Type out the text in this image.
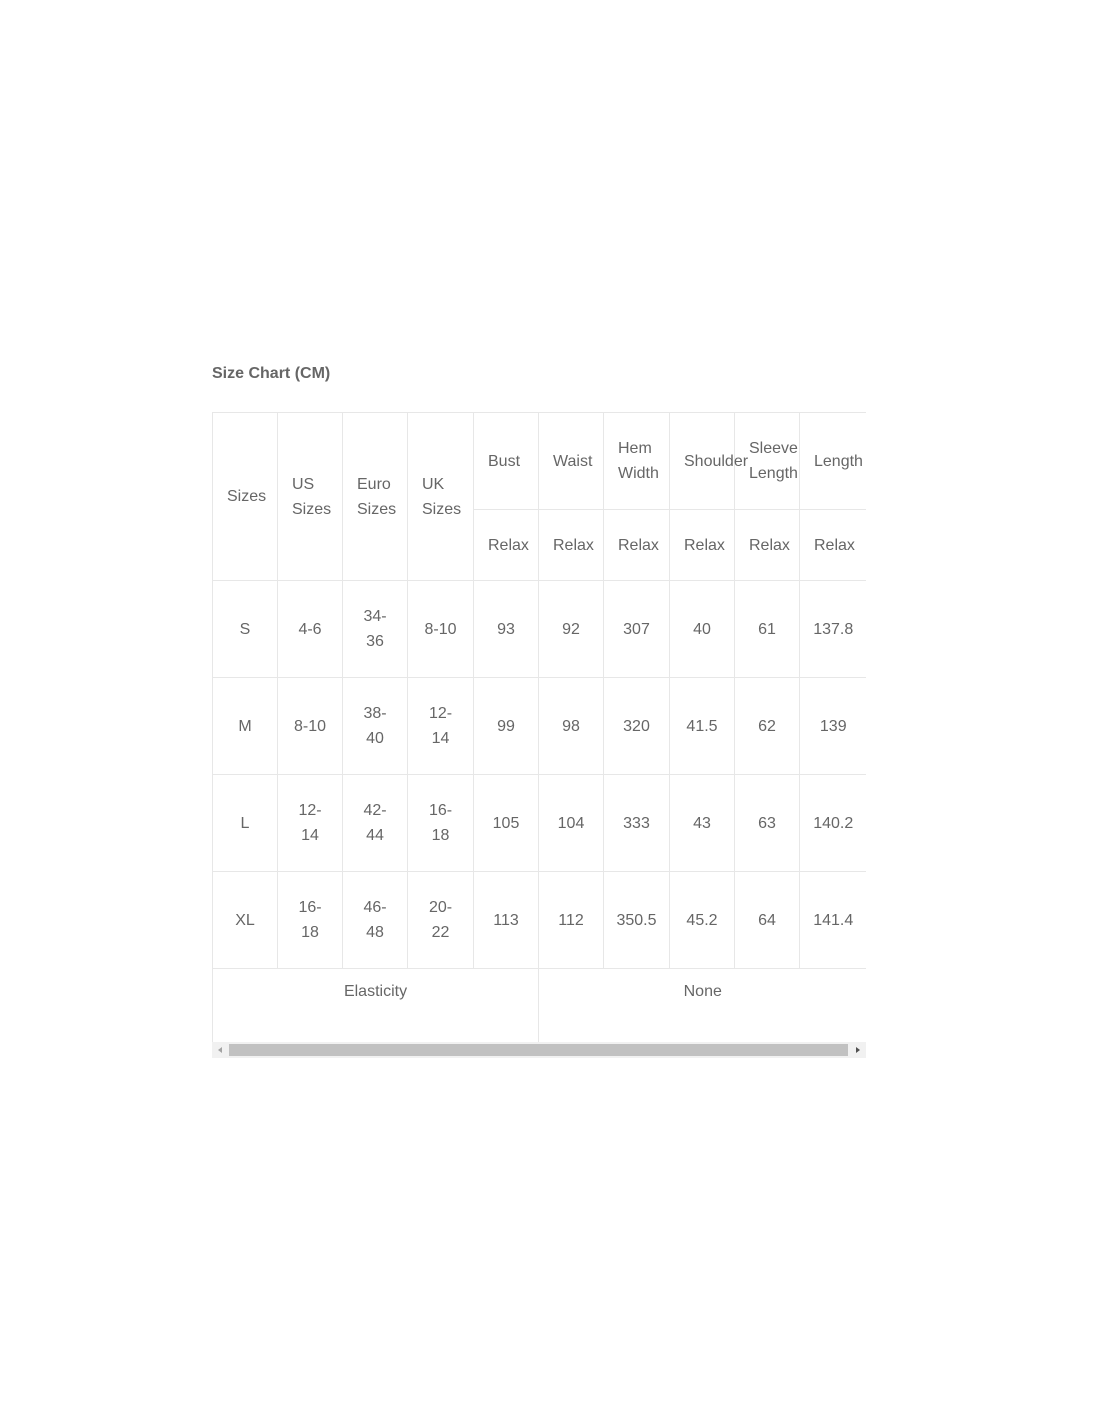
Size Chart (CM)
Sizes	US Sizes	Euro Sizes	UK Sizes	Bust	Waist	Hem Width	Shoulder	Sleeve Length	Length
				Relax	Relax	Relax	Relax	Relax	Relax
S	4-6	34-36	8-10	93	92	307	40	61	137.8
M	8-10	38-40	12-14	99	98	320	41.5	62	139
L	12-14	42-44	16-18	105	104	333	43	63	140.2
XL	16-18	46-48	20-22	113	112	350.5	45.2	64	141.4
Elasticity					None				
